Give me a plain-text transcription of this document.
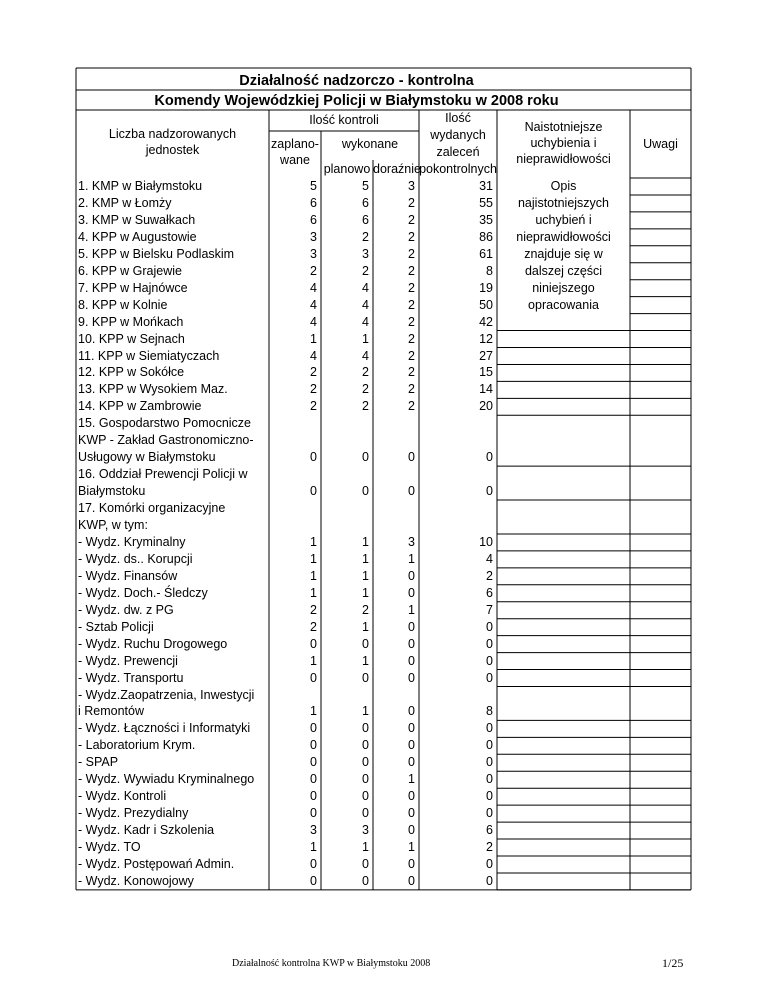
Działalność nadzorczo - kontrolna
Komendy Wojewódzkiej Policji w Białymstoku w 2008 roku
Liczba nadzorowanych
jednostek
Ilość kontroli
zaplano-
wane
wykonane
planowo doraźnie
Ilość
wydanych
zaleceń
pokontrolnych
Naistotniejsze
uchybienia i
nieprawidłowości
Uwagi
1. KMP w Białymstoku	5	5	3	31
2. KMP w Łomży	6	6	2	55
3. KMP w Suwałkach	6	6	2	35
4. KPP w Augustowie	3	2	2	86
5. KPP w Bielsku Podlaskim	3	3	2	61
6. KPP w Grajewie	2	2	2	8
7. KPP w Hajnówce	4	4	2	19
8. KPP w Kolnie	4	4	2	50
9. KPP w Mońkach	4	4	2	42
10. KPP w Sejnach	1	1	2	12
11. KPP w Siemiatyczach	4	4	2	27
12. KPP w Sokółce	2	2	2	15
13. KPP w Wysokiem Maz.	2	2	2	14
14. KPP w Zambrowie	2	2	2	20
15. Gospodarstwo Pomocnicze
KWP - Zakład Gastronomiczno-
Usługowy w Białymstoku	0	0	0	0
16. Oddział Prewencji Policji w
Białymstoku	0	0	0	0
17. Komórki organizacyjne
KWP, w tym:
- Wydz. Kryminalny	1	1	3	10
- Wydz. ds.. Korupcji	1	1	1	4
- Wydz. Finansów	1	1	0	2
- Wydz. Doch.- Śledczy	1	1	0	6
- Wydz. dw. z PG	2	2	1	7
- Sztab Policji	2	1	0	0
- Wydz. Ruchu Drogowego	0	0	0	0
- Wydz. Prewencji	1	1	0	0
- Wydz. Transportu	0	0	0	0
- Wydz.Zaopatrzenia, Inwestycji
i Remontów	1	1	0	8
- Wydz. Łączności i Informatyki	0	0	0	0
- Laboratorium Krym.	0	0	0	0
- SPAP	0	0	0	0
- Wydz. Wywiadu Kryminalnego	0	0	1	0
- Wydz. Kontroli	0	0	0	0
- Wydz. Prezydialny	0	0	0	0
- Wydz. Kadr i Szkolenia	3	3	0	6
- Wydz. TO	1	1	1	2
- Wydz. Postępowań Admin.	0	0	0	0
- Wydz. Konowojowy	0	0	0	0
Opis
najistotniejszych
uchybień i
nieprawidłowości
znajduje się w
dalszej części
niniejszego
opracowania
Działalność kontrolna KWP w Białymstoku 2008	1/25
